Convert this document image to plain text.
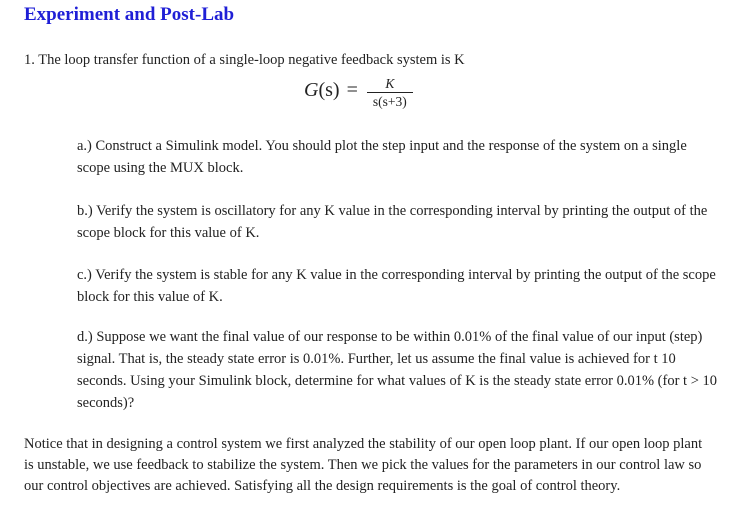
Experiment and Post-Lab

1. The loop transfer function of a single-loop negative feedback system is K

$G(s) = \frac{K}{s(s+3)}$

a.) Construct a Simulink model. You should plot the step input and the response of the system on a single scope using the MUX block.

b.) Verify the system is oscillatory for any K value in the corresponding interval by printing the output of the scope block for this value of K.

c.) Verify the system is stable for any K value in the corresponding interval by printing the output of the scope block for this value of K.

d.) Suppose we want the final value of our response to be within 0.01% of the final value of our input (step) signal. That is, the steady state error is 0.01%. Further, let us assume the final value is achieved for t 10 seconds. Using your Simulink block, determine for what values of K is the steady state error 0.01% (for t > 10 seconds)?

Notice that in designing a control system we first analyzed the stability of our open loop plant. If our open loop plant is unstable, we use feedback to stabilize the system. Then we pick the values for the parameters in our control law so our control objectives are achieved. Satisfying all the design requirements is the goal of control theory.
